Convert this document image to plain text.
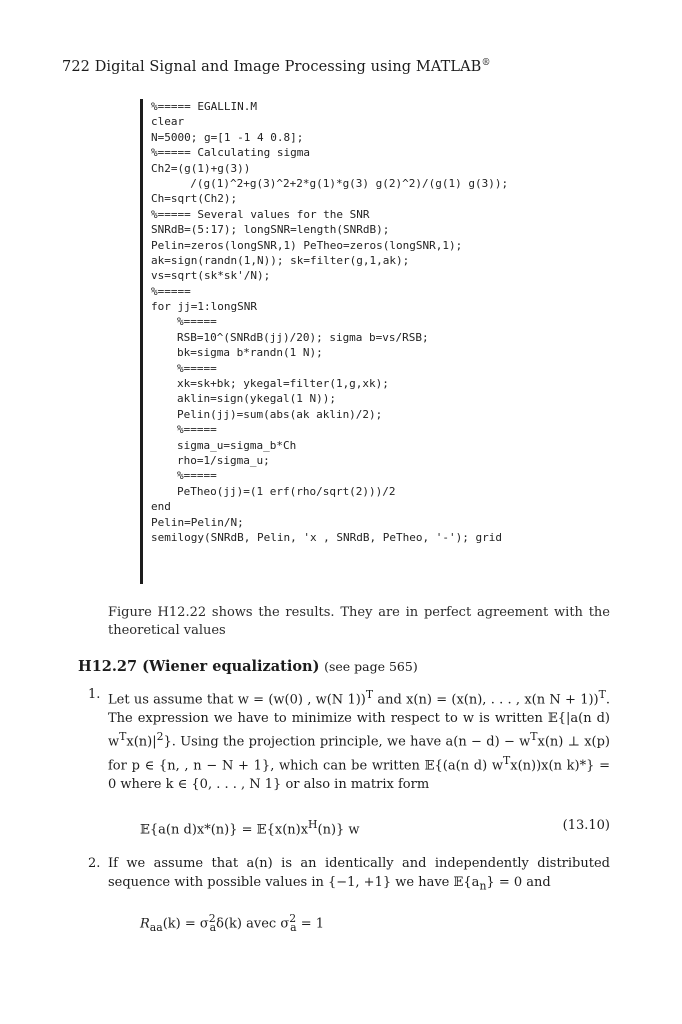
722 Digital Signal and Image Processing using MATLAB®
%===== EGALLIN.M
clear
N=5000; g=[1 -1 4 0.8];
%===== Calculating sigma
Ch2=(g(1)+g(3))
/(g(1)^2+g(3)^2+2*g(1)*g(3) g(2)^2)/(g(1) g(3));
Ch=sqrt(Ch2);
%===== Several values for the SNR
SNRdB=(5:17); longSNR=length(SNRdB);
Pelin=zeros(longSNR,1) PeTheo=zeros(longSNR,1);
ak=sign(randn(1,N)); sk=filter(g,1,ak);
vs=sqrt(sk*sk'/N);
%=====
for jj=1:longSNR
%=====
RSB=10^(SNRdB(jj)/20); sigma b=vs/RSB;
bk=sigma b*randn(1 N);
%=====
xk=sk+bk; ykegal=filter(1,g,xk);
aklin=sign(ykegal(1 N));
Pelin(jj)=sum(abs(ak aklin)/2);
%=====
sigma_u=sigma_b*Ch
rho=1/sigma_u;
%=====
PeTheo(jj)=(1 erf(rho/sqrt(2)))/2
end
Pelin=Pelin/N;
semilogy(SNRdB, Pelin, 'x , SNRdB, PeTheo, '-'); grid
Figure H12.22 shows the results. They are in perfect agreement with the theoretical values
H12.27 (Wiener equalization) (see page 565)
1. Let us assume that w = (w(0) , w(N 1))$^T$ and x(n) = (x(n), . . . , x(n N + 1))$^T$. The expression we have to minimize with respect to w is written 𝔼{|a(n d) $w^Tx(n)|^2$}. Using the projection principle, we have $a(n - d) - w^Tx(n)$ ⊥ x(p) for p ∈ {n, , n − N + 1}, which can be written 𝔼{(a(n d) $w^Tx(n))x(n$ k)*} = 0 where k ∈ {0, . . . , N 1} or also in matrix form
𝔼{a(n $d)x*(n)\} = 𝔼\{x(n)x^H(n)\}$ w	(13.10)
2. If we assume that a(n) is an identically and independently distributed sequence with possible values in {−1, +1} we have $𝔼\{a_n\} = 0$ and
$R_{aa}(k) = \sigma^2_a\delta(k)$ avec $\sigma^2_a = 1$
